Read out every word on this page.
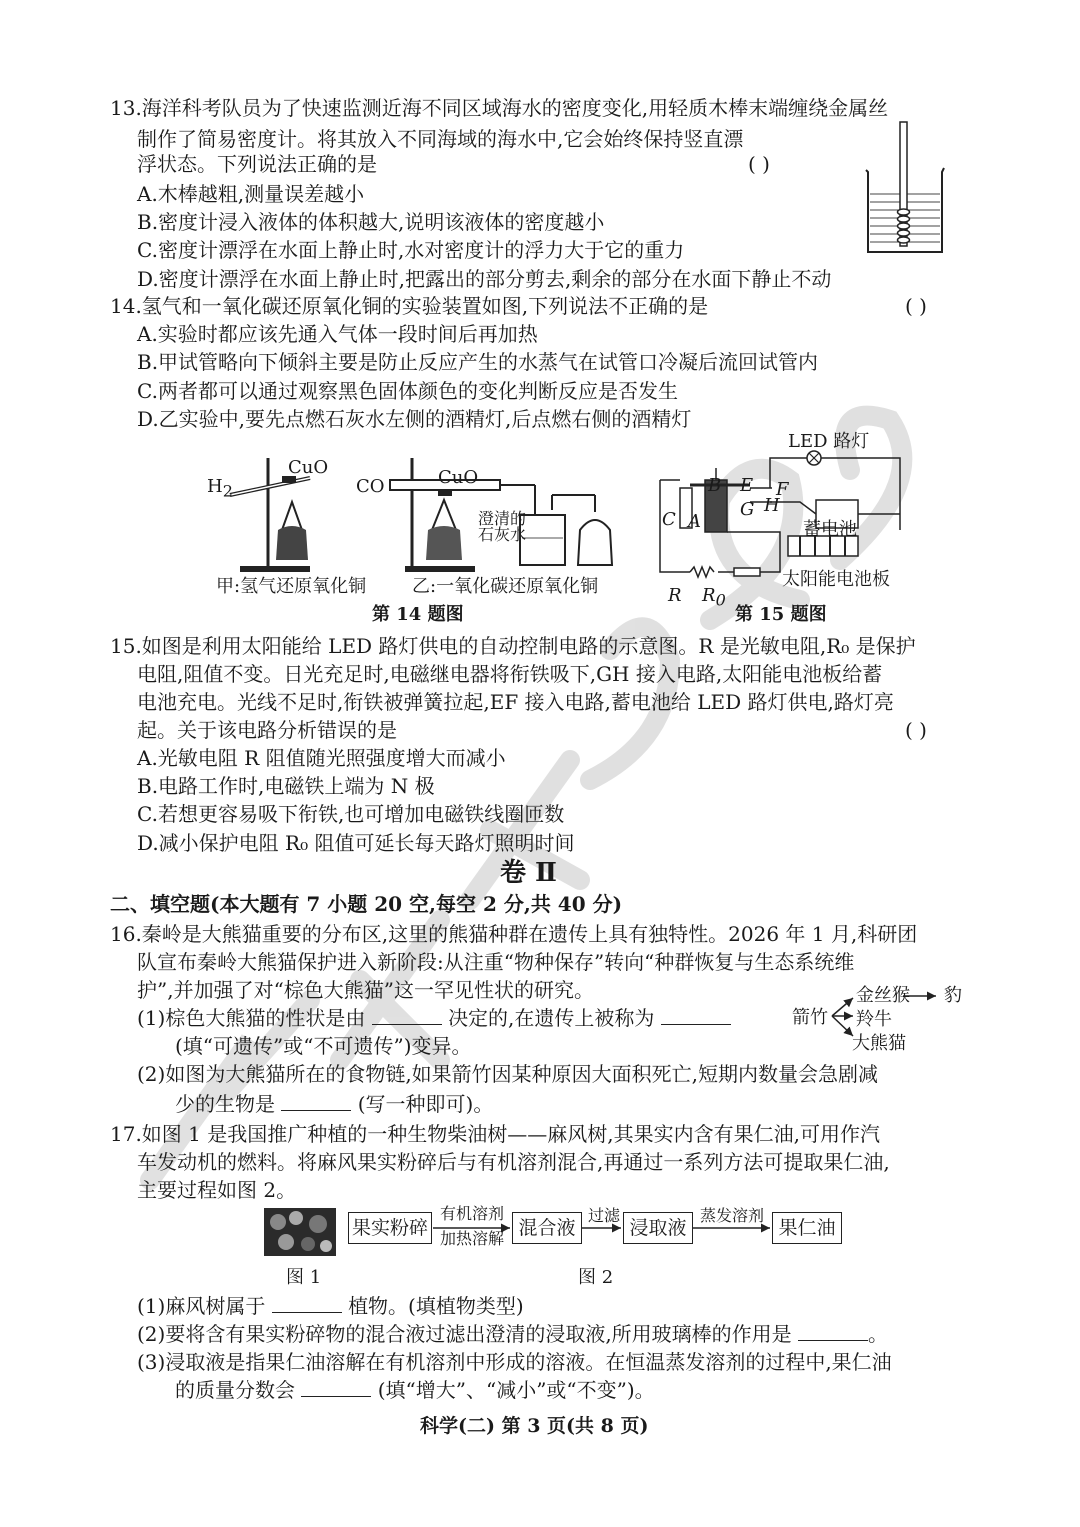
13.海洋科考队员为了快速监测近海不同区域海水的密度变化,用轻质木棒末端缠绕金属丝
制作了简易密度计。将其放入不同海域的海水中,它会始终保持竖直漂
浮状态。下列说法正确的是	( )
A.木棒越粗,测量误差越小
B.密度计浸入液体的体积越大,说明该液体的密度越小
C.密度计漂浮在水面上静止时,水对密度计的浮力大于它的重力
D.密度计漂浮在水面上静止时,把露出的部分剪去,剩余的部分在水面下静止不动
14.氢气和一氧化碳还原氧化铜的实验装置如图,下列说法不正确的是	( )
A.实验时都应该先通入气体一段时间后再加热
B.甲试管略向下倾斜主要是防止反应产生的水蒸气在试管口冷凝后流回试管内
C.两者都可以通过观察黑色固体颜色的变化判断反应是否发生
D.乙实验中,要先点燃石灰水左侧的酒精灯,后点燃右侧的酒精灯
$H_2$
CuO
CO	CuO
澄清的
石灰水
甲:氢气还原氧化铜	乙:一氧化碳还原氧化铜
第 14 题图
LED 路灯
B E F
G H
C A	蓄电池
太阳能电池板
R $R_0$
第 15 题图
15.如图是利用太阳能给 LED 路灯供电的自动控制电路的示意图。R 是光敏电阻,R₀ 是保护
电阻,阻值不变。日光充足时,电磁继电器将衔铁吸下,GH 接入电路,太阳能电池板给蓄
电池充电。光线不足时,衔铁被弹簧拉起,EF 接入电路,蓄电池给 LED 路灯供电,路灯亮
起。关于该电路分析错误的是	( )
A.光敏电阻 R 阻值随光照强度增大而减小
B.电路工作时,电磁铁上端为 N 极
C.若想更容易吸下衔铁,也可增加电磁铁线圈匝数
D.减小保护电阻 R₀ 阻值可延长每天路灯照明时间
卷 Ⅱ
二、填空题(本大题有 7 小题 20 空,每空 2 分,共 40 分)
16.秦岭是大熊猫重要的分布区,这里的熊猫种群在遗传上具有独特性。2026 年 1 月,科研团
队宣布秦岭大熊猫保护进入新阶段:从注重“物种保存”转向“种群恢复与生态系统维
护”,并加强了对“棕色大熊猫”这一罕见性状的研究。
(1)棕色大熊猫的性状是由	决定的,在遗传上被称为
(填“可遗传”或“不可遗传”)变异。
(2)如图为大熊猫所在的食物链,如果箭竹因某种原因大面积死亡,短期内数量会急剧减
少的生物是	(写一种即可)。
箭竹
金丝猴 豹
羚牛
大熊猫
17.如图 1 是我国推广种植的一种生物柴油树——麻风树,其果实内含有果仁油,可用作汽
车发动机的燃料。将麻风果实粉碎后与有机溶剂混合,再通过一系列方法可提取果仁油,
主要过程如图 2。
果实粉碎	混合液	浸取液	果仁油
有机溶剂
加热溶解
过滤	蒸发溶剂
图 1	图 2
(1)麻风树属于	植物。(填植物类型)
(2)要将含有果实粉碎物的混合液过滤出澄清的浸取液,所用玻璃棒的作用是	。
(3)浸取液是指果仁油溶解在有机溶剂中形成的溶液。在恒温蒸发溶剂的过程中,果仁油
的质量分数会	(填“增大”、“减小”或“不变”)。
科学(二) 第 3 页(共 8 页)
